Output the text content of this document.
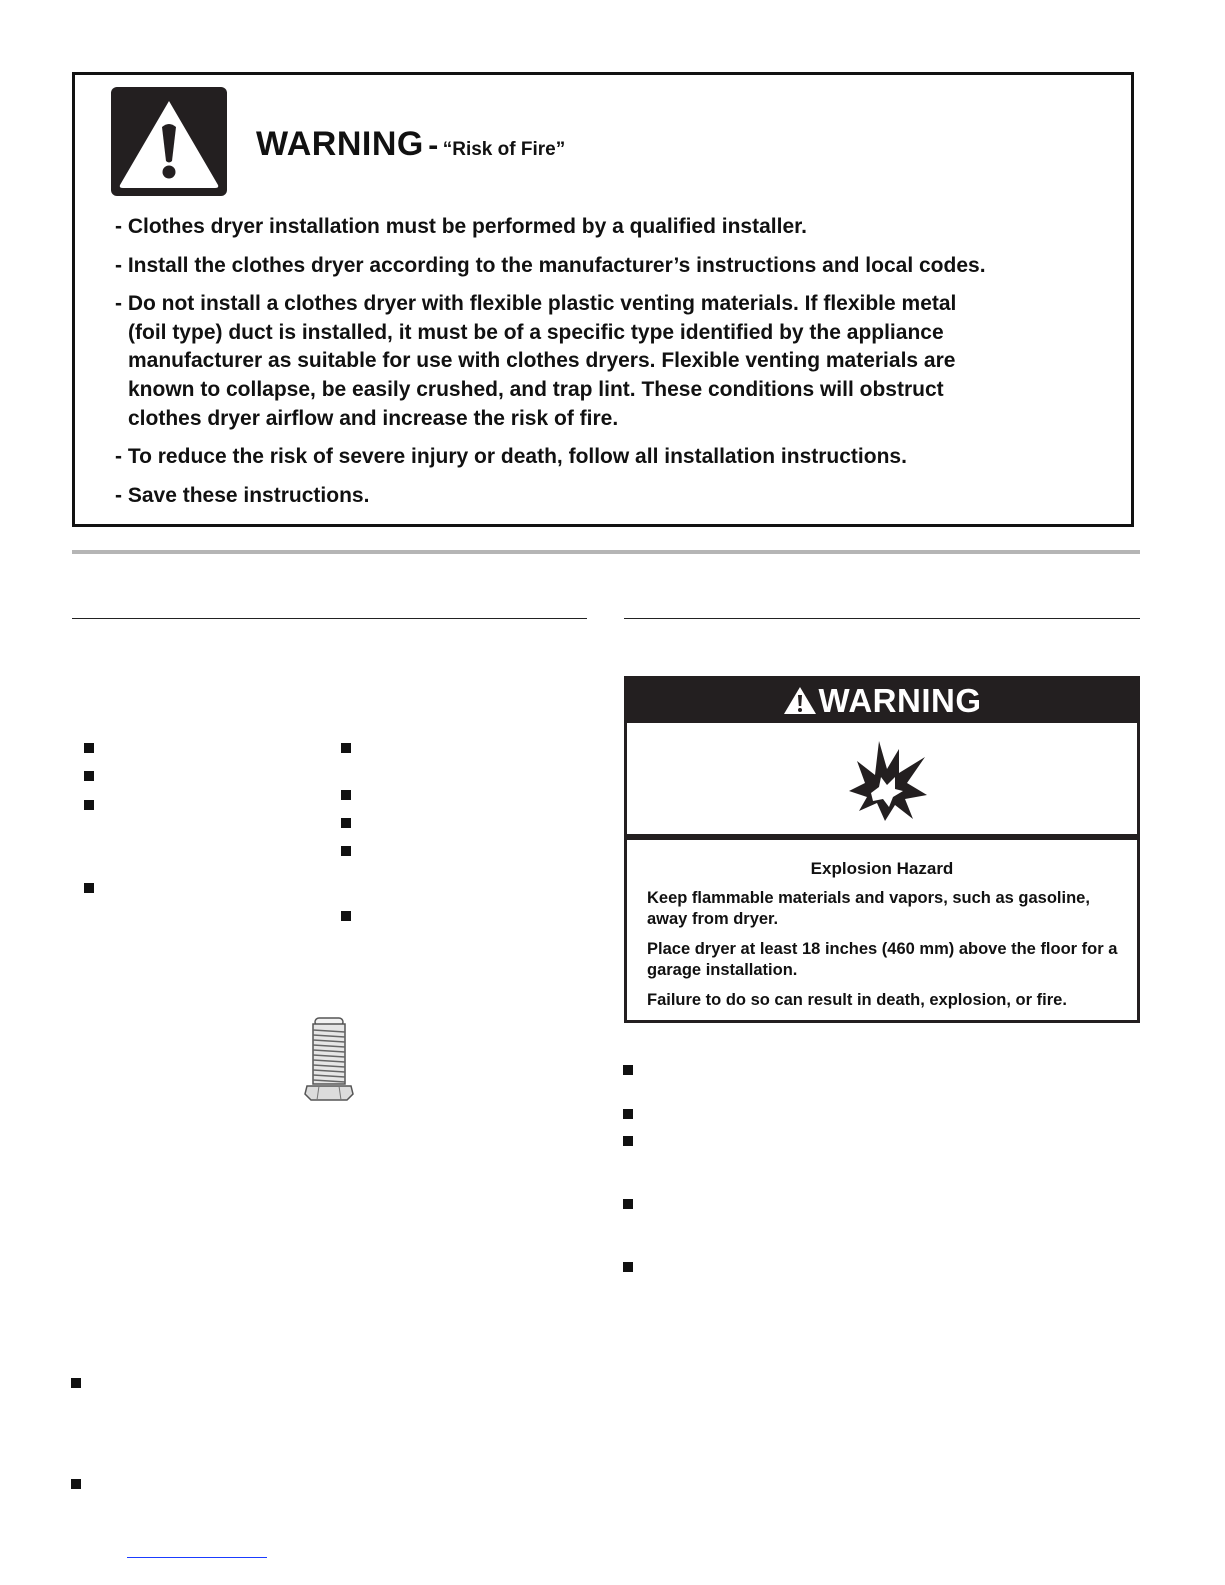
WARNING - “Risk of Fire”
- Clothes dryer installation must be performed by a qualified installer.
- Install the clothes dryer according to the manufacturer’s instructions and local codes.
- Do not install a clothes dryer with flexible plastic venting materials. If flexible metal
(foil type) duct is installed, it must be of a specific type identified by the appliance
manufacturer as suitable for use with clothes dryers. Flexible venting materials are
known to collapse, be easily crushed, and trap lint. These conditions will obstruct
clothes dryer airflow and increase the risk of fire.
- To reduce the risk of severe injury or death, follow all installation instructions.
- Save these instructions.
WARNING
Explosion Hazard
Keep flammable materials and vapors, such as gasoline, away from dryer.
Place dryer at least 18 inches (460 mm) above the floor for a garage installation.
Failure to do so can result in death, explosion, or fire.
